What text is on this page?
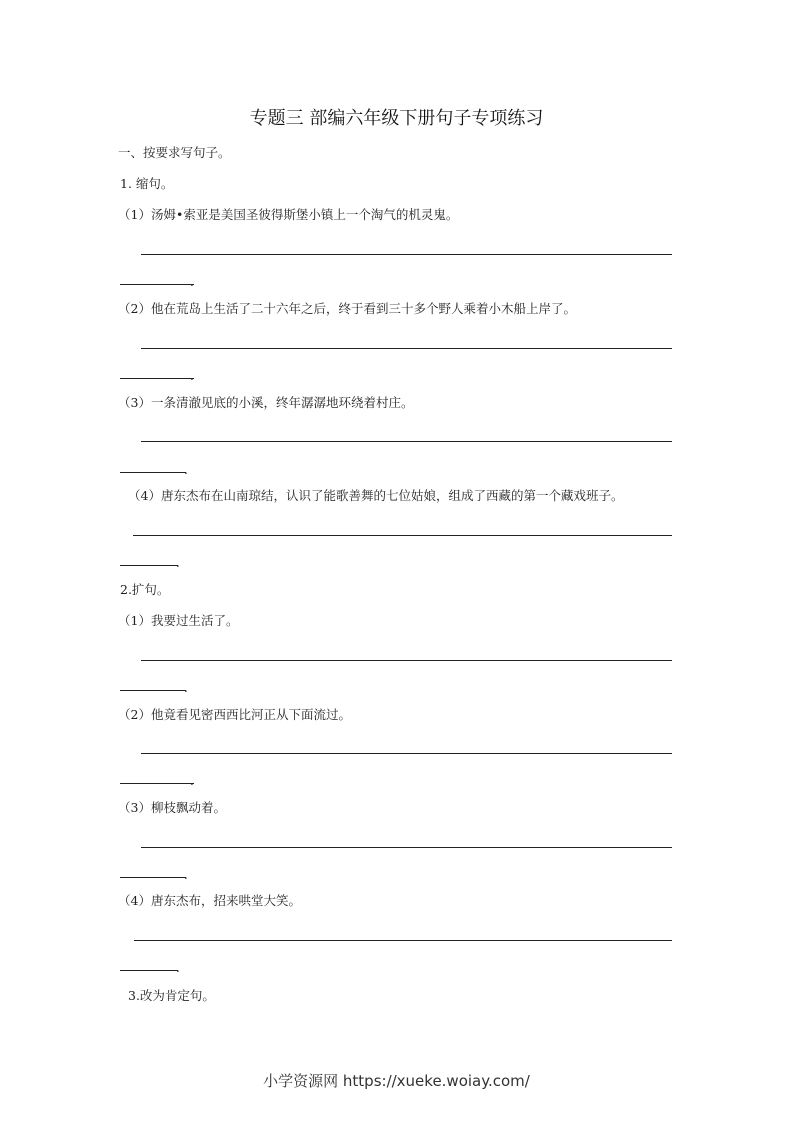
专题三 部编六年级下册句子专项练习
一、按要求写句子。
1. 缩句。
（1）汤姆•索亚是美国圣彼得斯堡小镇上一个淘气的机灵鬼。
.
（2）他在荒岛上生活了二十六年之后，终于看到三十多个野人乘着小木船上岸了。
.
（3）一条清澈见底的小溪，终年潺潺地环绕着村庄。
.
（4）唐东杰布在山南琼结，认识了能歌善舞的七位姑娘，组成了西藏的第一个藏戏班子。
.
2.扩句。
（1）我要过生活了。
.
（2）他竟看见密西西比河正从下面流过。
.
（3）柳枝飘动着。
.
（4）唐东杰布，招来哄堂大笑。
.
3.改为肯定句。
小学资源网 https://xueke.woiay.com/
